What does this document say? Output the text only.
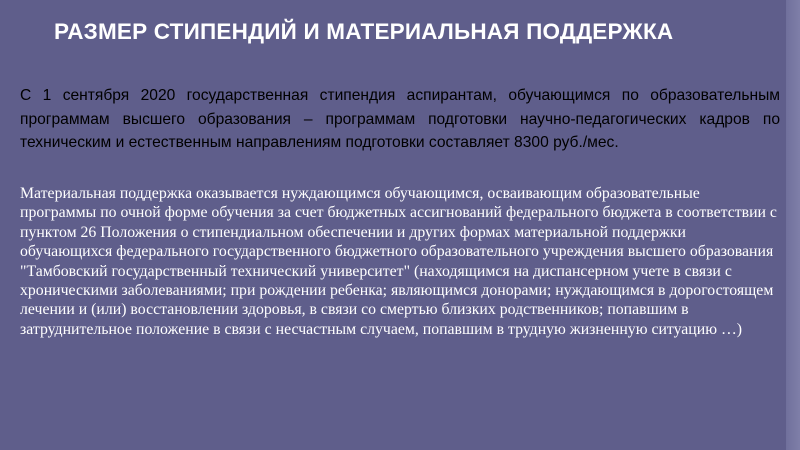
РАЗМЕР СТИПЕНДИЙ И МАТЕРИАЛЬНАЯ ПОДДЕРЖКА

С 1 сентября 2020 государственная стипендия аспирантам, обучающимся по образовательным программам высшего образования – программам подготовки научно-педагогических кадров по техническим и естественным направлениям подготовки составляет 8300 руб./мес.

Материальная поддержка оказывается нуждающимся обучающимся, осваивающим образовательные программы по очной форме обучения за счет бюджетных ассигнований федерального бюджета в соответствии с пунктом 26 Положения о стипендиальном обеспечении и других формах материальной поддержки обучающихся федерального государственного бюджетного образовательного учреждения высшего образования "Тамбовский государственный технический университет" (находящимся на диспансерном учете в связи с хроническими заболеваниями; при рождении ребенка; являющимся донорами; нуждающимся в дорогостоящем лечении и (или) восстановлении здоровья, в связи со смертью близких родственников; попавшим в затруднительное положение в связи с несчастным случаем, попавшим в трудную жизненную ситуацию …)
